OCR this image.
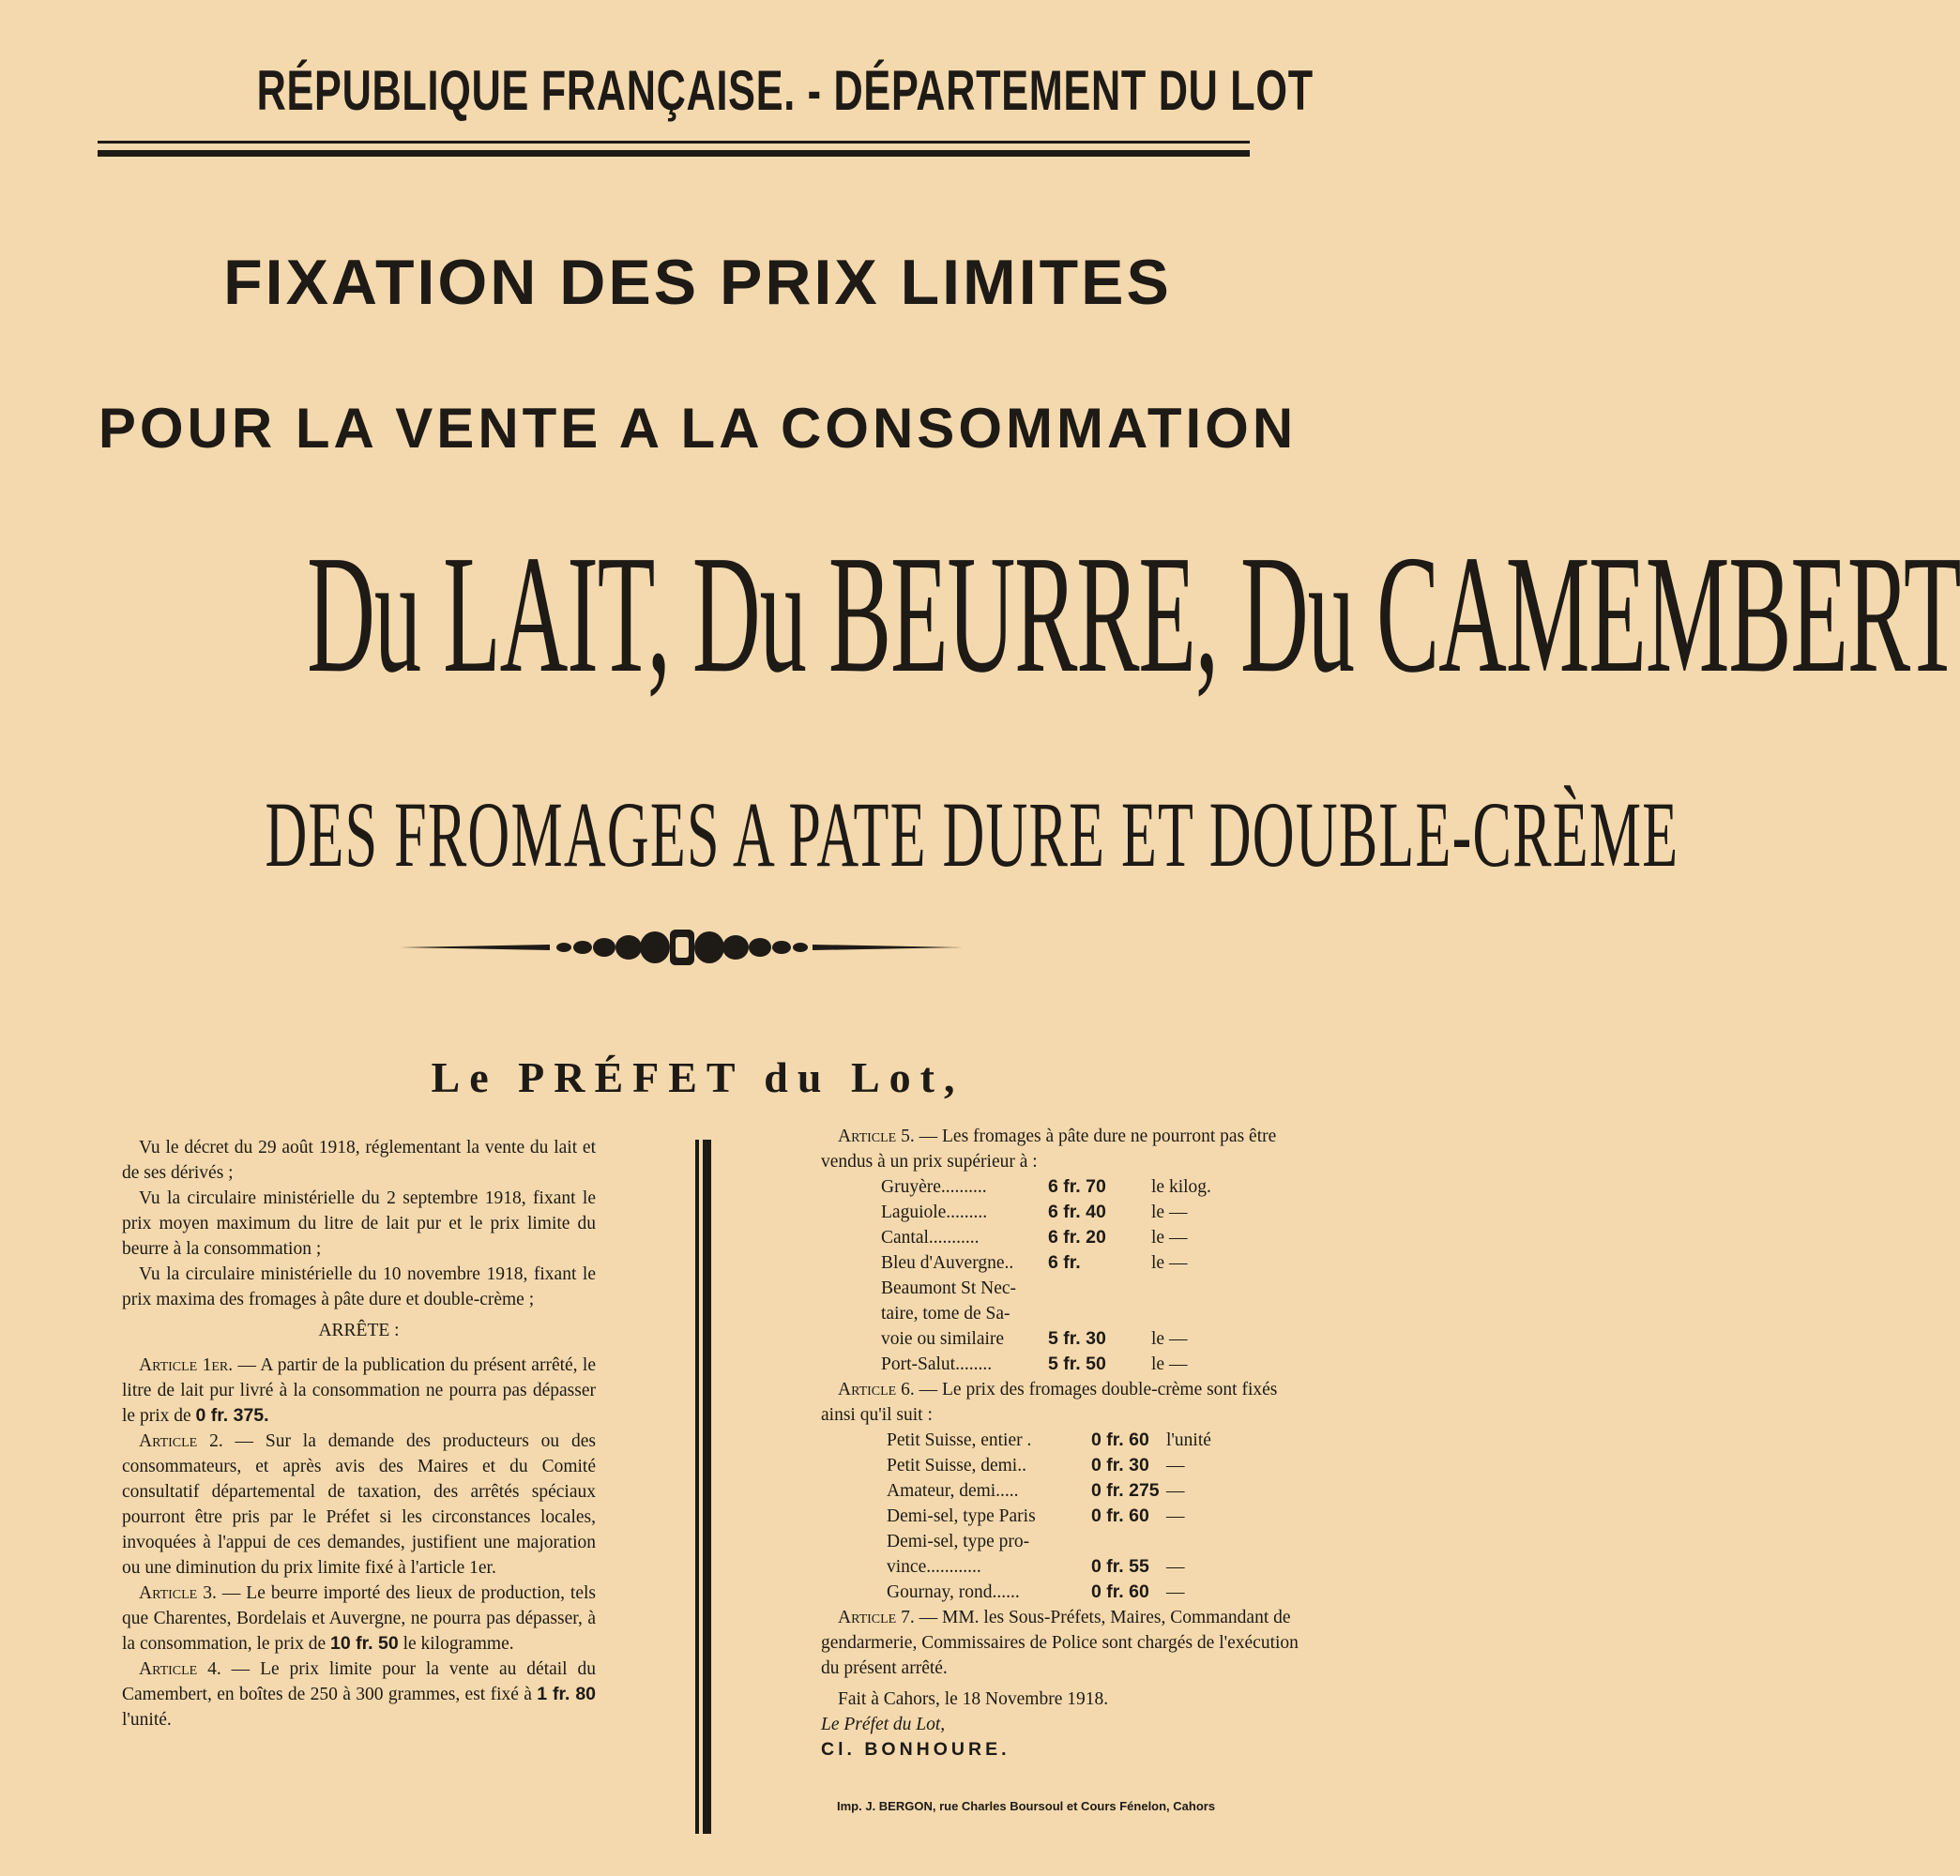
RÉPUBLIQUE FRANÇAISE. - DÉPARTEMENT DU LOT
FIXATION DES PRIX LIMITES
POUR LA VENTE A LA CONSOMMATION
Du LAIT, Du BEURRE, Du CAMEMBERT
DES FROMAGES A PATE DURE ET DOUBLE-CRÈME
Le PRÉFET du Lot,

Vu le décret du 29 août 1918, réglementant la vente du lait et de ses dérivés ;

Vu la circulaire ministérielle du 2 septembre 1918, fixant le prix moyen maximum du litre de lait pur et le prix limite du beurre à la consommation ;

Vu la circulaire ministérielle du 10 novembre 1918, fixant le prix maxima des fromages à pâte dure et double-crème ;

ARRÊTE :

Article 1er. — A partir de la publication du présent arrêté, le litre de lait pur livré à la consommation ne pourra pas dépasser le prix de 0 fr. 375.

Article 2. — Sur la demande des producteurs ou des consommateurs, et après avis des Maires et du Comité consultatif départemental de taxation, des arrêtés spéciaux pourront être pris par le Préfet si les circonstances locales, invoquées à l'appui de ces demandes, justifient une majoration ou une diminution du prix limite fixé à l'article 1er.

Article 3. — Le beurre importé des lieux de production, tels que Charentes, Bordelais et Auvergne, ne pourra pas dépasser, à la consommation, le prix de 10 fr. 50 le kilogramme.

Article 4. — Le prix limite pour la vente au détail du Camembert, en boîtes de 250 à 300 grammes, est fixé à 1 fr. 80 l'unité.

Article 5. — Les fromages à pâte dure ne pourront pas être vendus à un prix supérieur à :

Gruyère..........	6 fr. 70	le kilog.
Laguiole.........	6 fr. 40	le —
Cantal...........	6 fr. 20	le —
Bleu d'Auvergne..	6 fr.	le —
Beaumont St Nec-
taire, tome de Sa-
voie ou similaire	5 fr. 30	le —
Port-Salut........	5 fr. 50	le —

Article 6. — Le prix des fromages double-crème sont fixés ainsi qu'il suit :

Petit Suisse, entier .	0 fr. 60 l'unité
Petit Suisse, demi..	0 fr. 30 —
Amateur, demi.....	0 fr. 275 —
Demi-sel, type Paris	0 fr. 60 —
Demi-sel, type pro-
vince............	0 fr. 55 —
Gournay, rond......	0 fr. 60 —

Article 7. — MM. les Sous-Préfets, Maires, Commandant de gendarmerie, Commissaires de Police sont chargés de l'exécution du présent arrêté.

Fait à Cahors, le 18 Novembre 1918.

Le Préfet du Lot,

Cl. BONHOURE.

Imp. J. BERGON, rue Charles Boursoul et Cours Fénelon, Cahors
